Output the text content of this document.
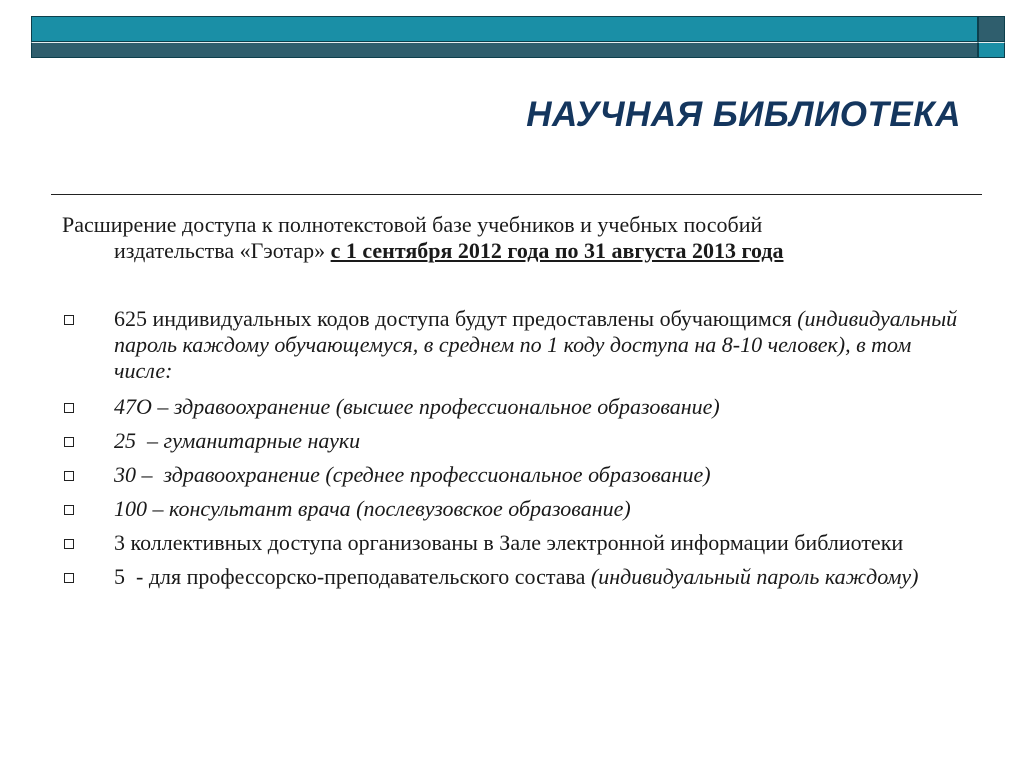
НАУЧНАЯ БИБЛИОТЕКА

Расширение доступа к полнотекстовой базе учебников и учебных пособий
издательства «Гэотар» с 1 сентября 2012 года по 31 августа 2013 года

625 индивидуальных кодов доступа будут предоставлены обучающимся (индивидуальный пароль каждому обучающемуся, в среднем по 1 коду доступа на 8-10 человек), в том числе:
47О – здравоохранение (высшее профессиональное образование)
25  – гуманитарные науки
30 –  здравоохранение (среднее профессиональное образование)
100 – консультант врача (послевузовское образование)
3 коллективных доступа организованы в Зале электронной информации библиотеки
5  - для профессорско-преподавательского состава (индивидуальный пароль каждому)
